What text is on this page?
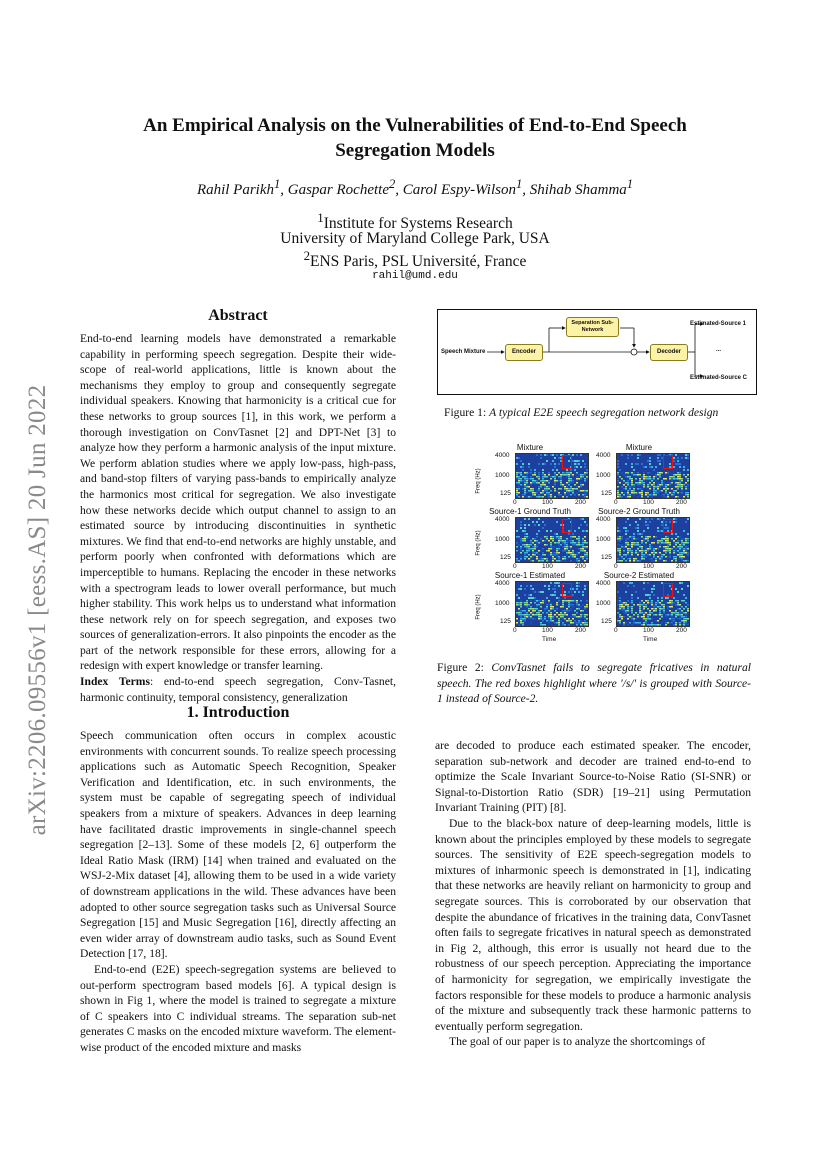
arXiv:2206.09556v1 [eess.AS] 20 Jun 2022
An Empirical Analysis on the Vulnerabilities of End-to-End Speech
Segregation Models
Rahil Parikh$^1$, Gaspar Rochette$^2$, Carol Espy-Wilson$^1$, Shihab Shamma$^1$
$^1$Institute for Systems Research
University of Maryland College Park, USA
$^2$ENS Paris, PSL Université, France
rahil@umd.edu
Abstract

End-to-end learning models have demonstrated a remarkable capability in performing speech segregation. Despite their wide-scope of real-world applications, little is known about the mechanisms they employ to group and consequently segregate individual speakers. Knowing that harmonicity is a critical cue for these networks to group sources [1], in this work, we perform a thorough investigation on ConvTasnet [2] and DPT-Net [3] to analyze how they perform a harmonic analysis of the input mixture. We perform ablation studies where we apply low-pass, high-pass, and band-stop filters of varying pass-bands to empirically analyze the harmonics most critical for segregation. We also investigate how these networks decide which output channel to assign to an estimated source by introducing discontinuities in synthetic mixtures. We find that end-to-end networks are highly unstable, and perform poorly when confronted with deformations which are imperceptible to humans. Replacing the encoder in these networks with a spectrogram leads to lower overall performance, but much higher stability. This work helps us to understand what information these network rely on for speech segregation, and exposes two sources of generalization-errors. It also pinpoints the encoder as the part of the network responsible for these errors, allowing for a redesign with expert knowledge or transfer learning.

Index Terms: end-to-end speech segregation, Conv-Tasnet, harmonic continuity, temporal consistency, generalization

1. Introduction

Speech communication often occurs in complex acoustic environments with concurrent sounds. To realize speech processing applications such as Automatic Speech Recognition, Speaker Verification and Identification, etc. in such environments, the system must be capable of segregating speech of individual speakers from a mixture of speakers. Advances in deep learning have facilitated drastic improvements in single-channel speech segregation [2–13]. Some of these models [2, 6] outperform the Ideal Ratio Mask (IRM) [14] when trained and evaluated on the WSJ-2-Mix dataset [4], allowing them to be used in a wide variety of downstream applications in the wild. These advances have been adopted to other source segregation tasks such as Universal Source Segregation [15] and Music Segregation [16], directly affecting an even wider array of downstream audio tasks, such as Sound Event Detection [17, 18].

End-to-end (E2E) speech-segregation systems are believed to out-perform spectrogram based models [6]. A typical design is shown in Fig 1, where the model is trained to segregate a mixture of C speakers into C individual streams. The separation sub-net generates C masks on the encoded mixture waveform. The element-wise product of the encoded mixture and masks

Speech Mixture	Encoder
Separation Sub-Network
Decoder
Estimated-Source 1
...
Estimated-Source C
Figure 1: A typical E2E speech segregation network design
Mixture	Mixture
Source-1 Ground Truth	Source-2 Ground Truth
Source-1 Estimated	Source-2 Estimated
Freq (Hz)
Freq (Hz)
Freq (Hz)
4000
1000
125
4000
1000
125
4000
1000
125
4000
1000
125
4000
1000
125
4000
1000
125
0	100	200	0	100	200
0	100	200	0	100	200
0	100	200	0	100	200
Time	Time
Figure 2: ConvTasnet fails to segregate fricatives in natural speech. The red boxes highlight where '/s/' is grouped with Source-1 instead of Source-2.

are decoded to produce each estimated speaker. The encoder, separation sub-network and decoder are trained end-to-end to optimize the Scale Invariant Source-to-Noise Ratio (SI-SNR) or Signal-to-Distortion Ratio (SDR) [19–21] using Permutation Invariant Training (PIT) [8].

Due to the black-box nature of deep-learning models, little is known about the principles employed by these models to segregate sources. The sensitivity of E2E speech-segregation models to mixtures of inharmonic speech is demonstrated in [1], indicating that these networks are heavily reliant on harmonicity to group and segregate sources. This is corroborated by our observation that despite the abundance of fricatives in the training data, ConvTasnet often fails to segregate fricatives in natural speech as demonstrated in Fig 2, although, this error is usually not heard due to the robustness of our speech perception. Appreciating the importance of harmonicity for segregation, we empirically investigate the factors responsible for these models to produce a harmonic analysis of the mixture and subsequently track these harmonic patterns to eventually perform segregation.

The goal of our paper is to analyze the shortcomings of
